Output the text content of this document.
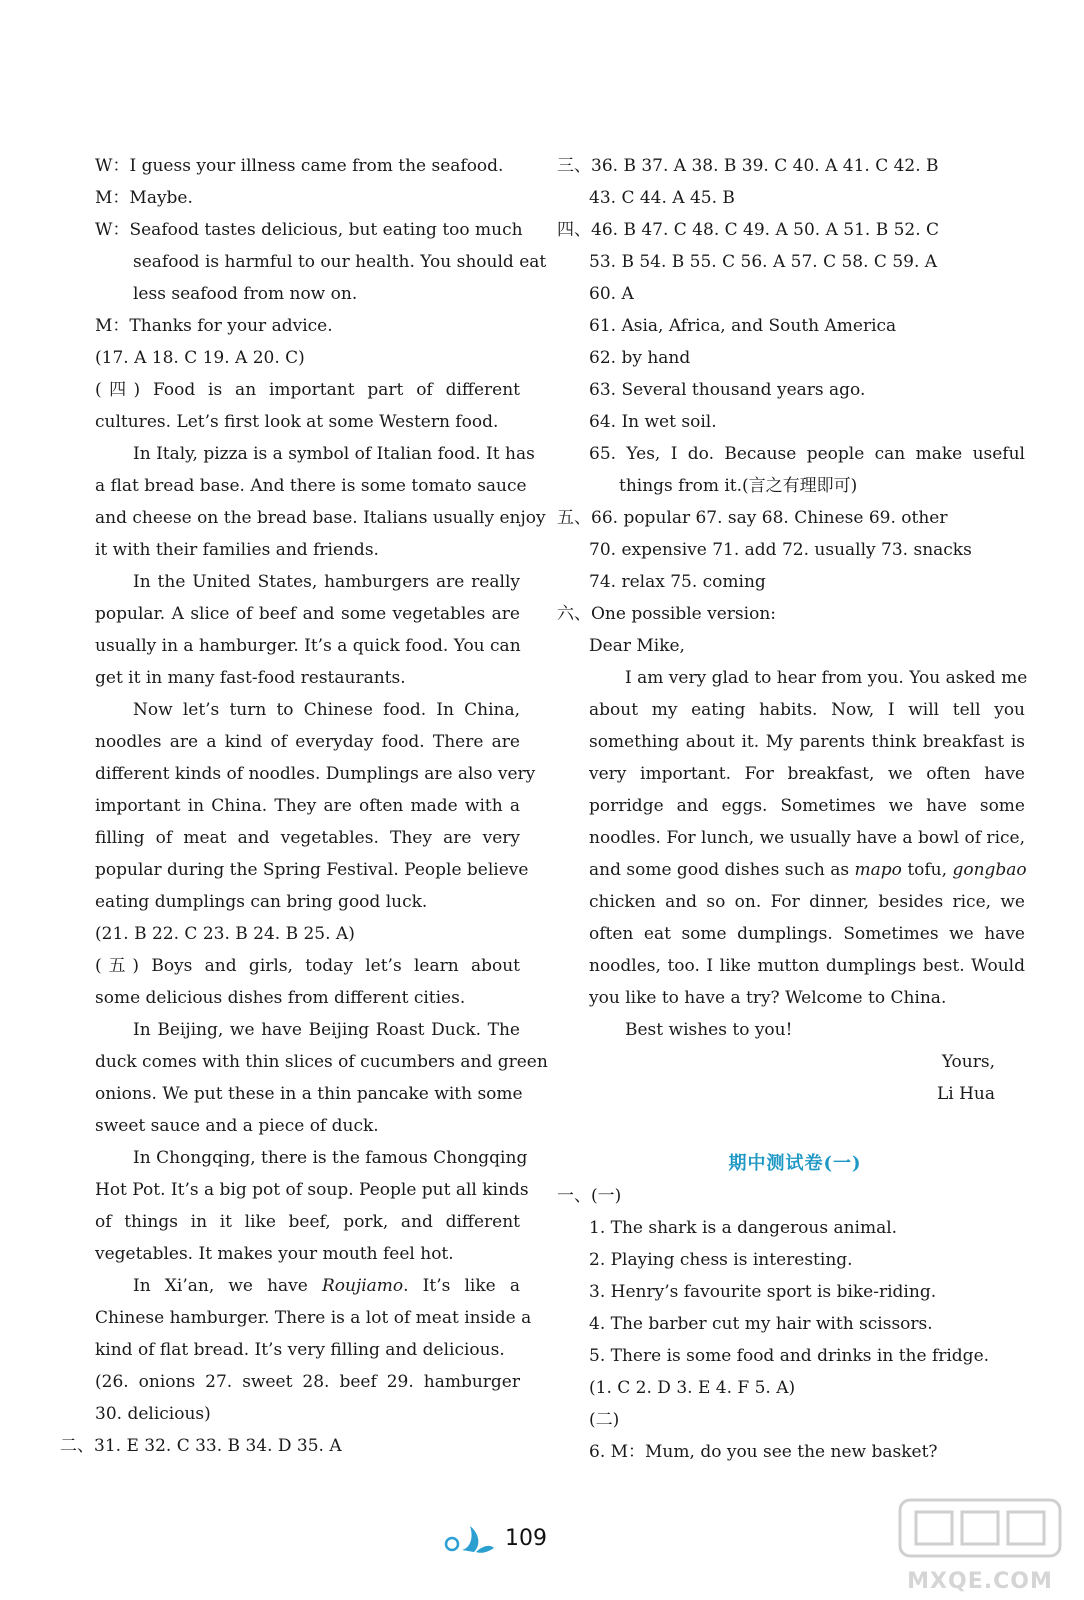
W：I guess your illness came from the seafood.
M：Maybe.
W：Seafood tastes delicious, but eating too much
seafood is harmful to our health. You should eat
less seafood from now on.
M：Thanks for your advice.
(17. A 18. C 19. A 20. C)
(四) Food is an important part of different
cultures. Let’s first look at some Western food.
In Italy, pizza is a symbol of Italian food. It has
a flat bread base. And there is some tomato sauce
and cheese on the bread base. Italians usually enjoy
it with their families and friends.
In the United States, hamburgers are really
popular. A slice of beef and some vegetables are
usually in a hamburger. It’s a quick food. You can
get it in many fast-food restaurants.
Now let’s turn to Chinese food. In China,
noodles are a kind of everyday food. There are
different kinds of noodles. Dumplings are also very
important in China. They are often made with a
filling of meat and vegetables. They are very
popular during the Spring Festival. People believe
eating dumplings can bring good luck.
(21. B 22. C 23. B 24. B 25. A)
(五) Boys and girls, today let’s learn about
some delicious dishes from different cities.
In Beijing, we have Beijing Roast Duck. The
duck comes with thin slices of cucumbers and green
onions. We put these in a thin pancake with some
sweet sauce and a piece of duck.
In Chongqing, there is the famous Chongqing
Hot Pot. It’s a big pot of soup. People put all kinds
of things in it like beef, pork, and different
vegetables. It makes your mouth feel hot.
In Xi’an, we have Roujiamo. It’s like a
Chinese hamburger. There is a lot of meat inside a
kind of flat bread. It’s very filling and delicious.
(26. onions 27. sweet 28. beef 29. hamburger
30. delicious)
二、31. E 32. C 33. B 34. D 35. A
三、36. B 37. A 38. B 39. C 40. A 41. C 42. B
43. C 44. A 45. B
四、46. B 47. C 48. C 49. A 50. A 51. B 52. C
53. B 54. B 55. C 56. A 57. C 58. C 59. A
60. A
61. Asia, Africa, and South America
62. by hand
63. Several thousand years ago.
64. In wet soil.
65. Yes, I do. Because people can make useful
things from it.(言之有理即可)
五、66. popular 67. say 68. Chinese 69. other
70. expensive 71. add 72. usually 73. snacks
74. relax 75. coming
六、One possible version:
Dear Mike,
I am very glad to hear from you. You asked me
about my eating habits. Now, I will tell you
something about it. My parents think breakfast is
very important. For breakfast, we often have
porridge and eggs. Sometimes we have some
noodles. For lunch, we usually have a bowl of rice,
and some good dishes such as mapo tofu, gongbao
chicken and so on. For dinner, besides rice, we
often eat some dumplings. Sometimes we have
noodles, too. I like mutton dumplings best. Would
you like to have a try? Welcome to China.
Best wishes to you!
Yours,
Li Hua
期中测试卷(一)
一、(一)
1. The shark is a dangerous animal.
2. Playing chess is interesting.
3. Henry’s favourite sport is bike-riding.
4. The barber cut my hair with scissors.
5. There is some food and drinks in the fridge.
(1. C 2. D 3. E 4. F 5. A)
(二)
6. M：Mum, do you see the new basket?
109
MXQE.COM
